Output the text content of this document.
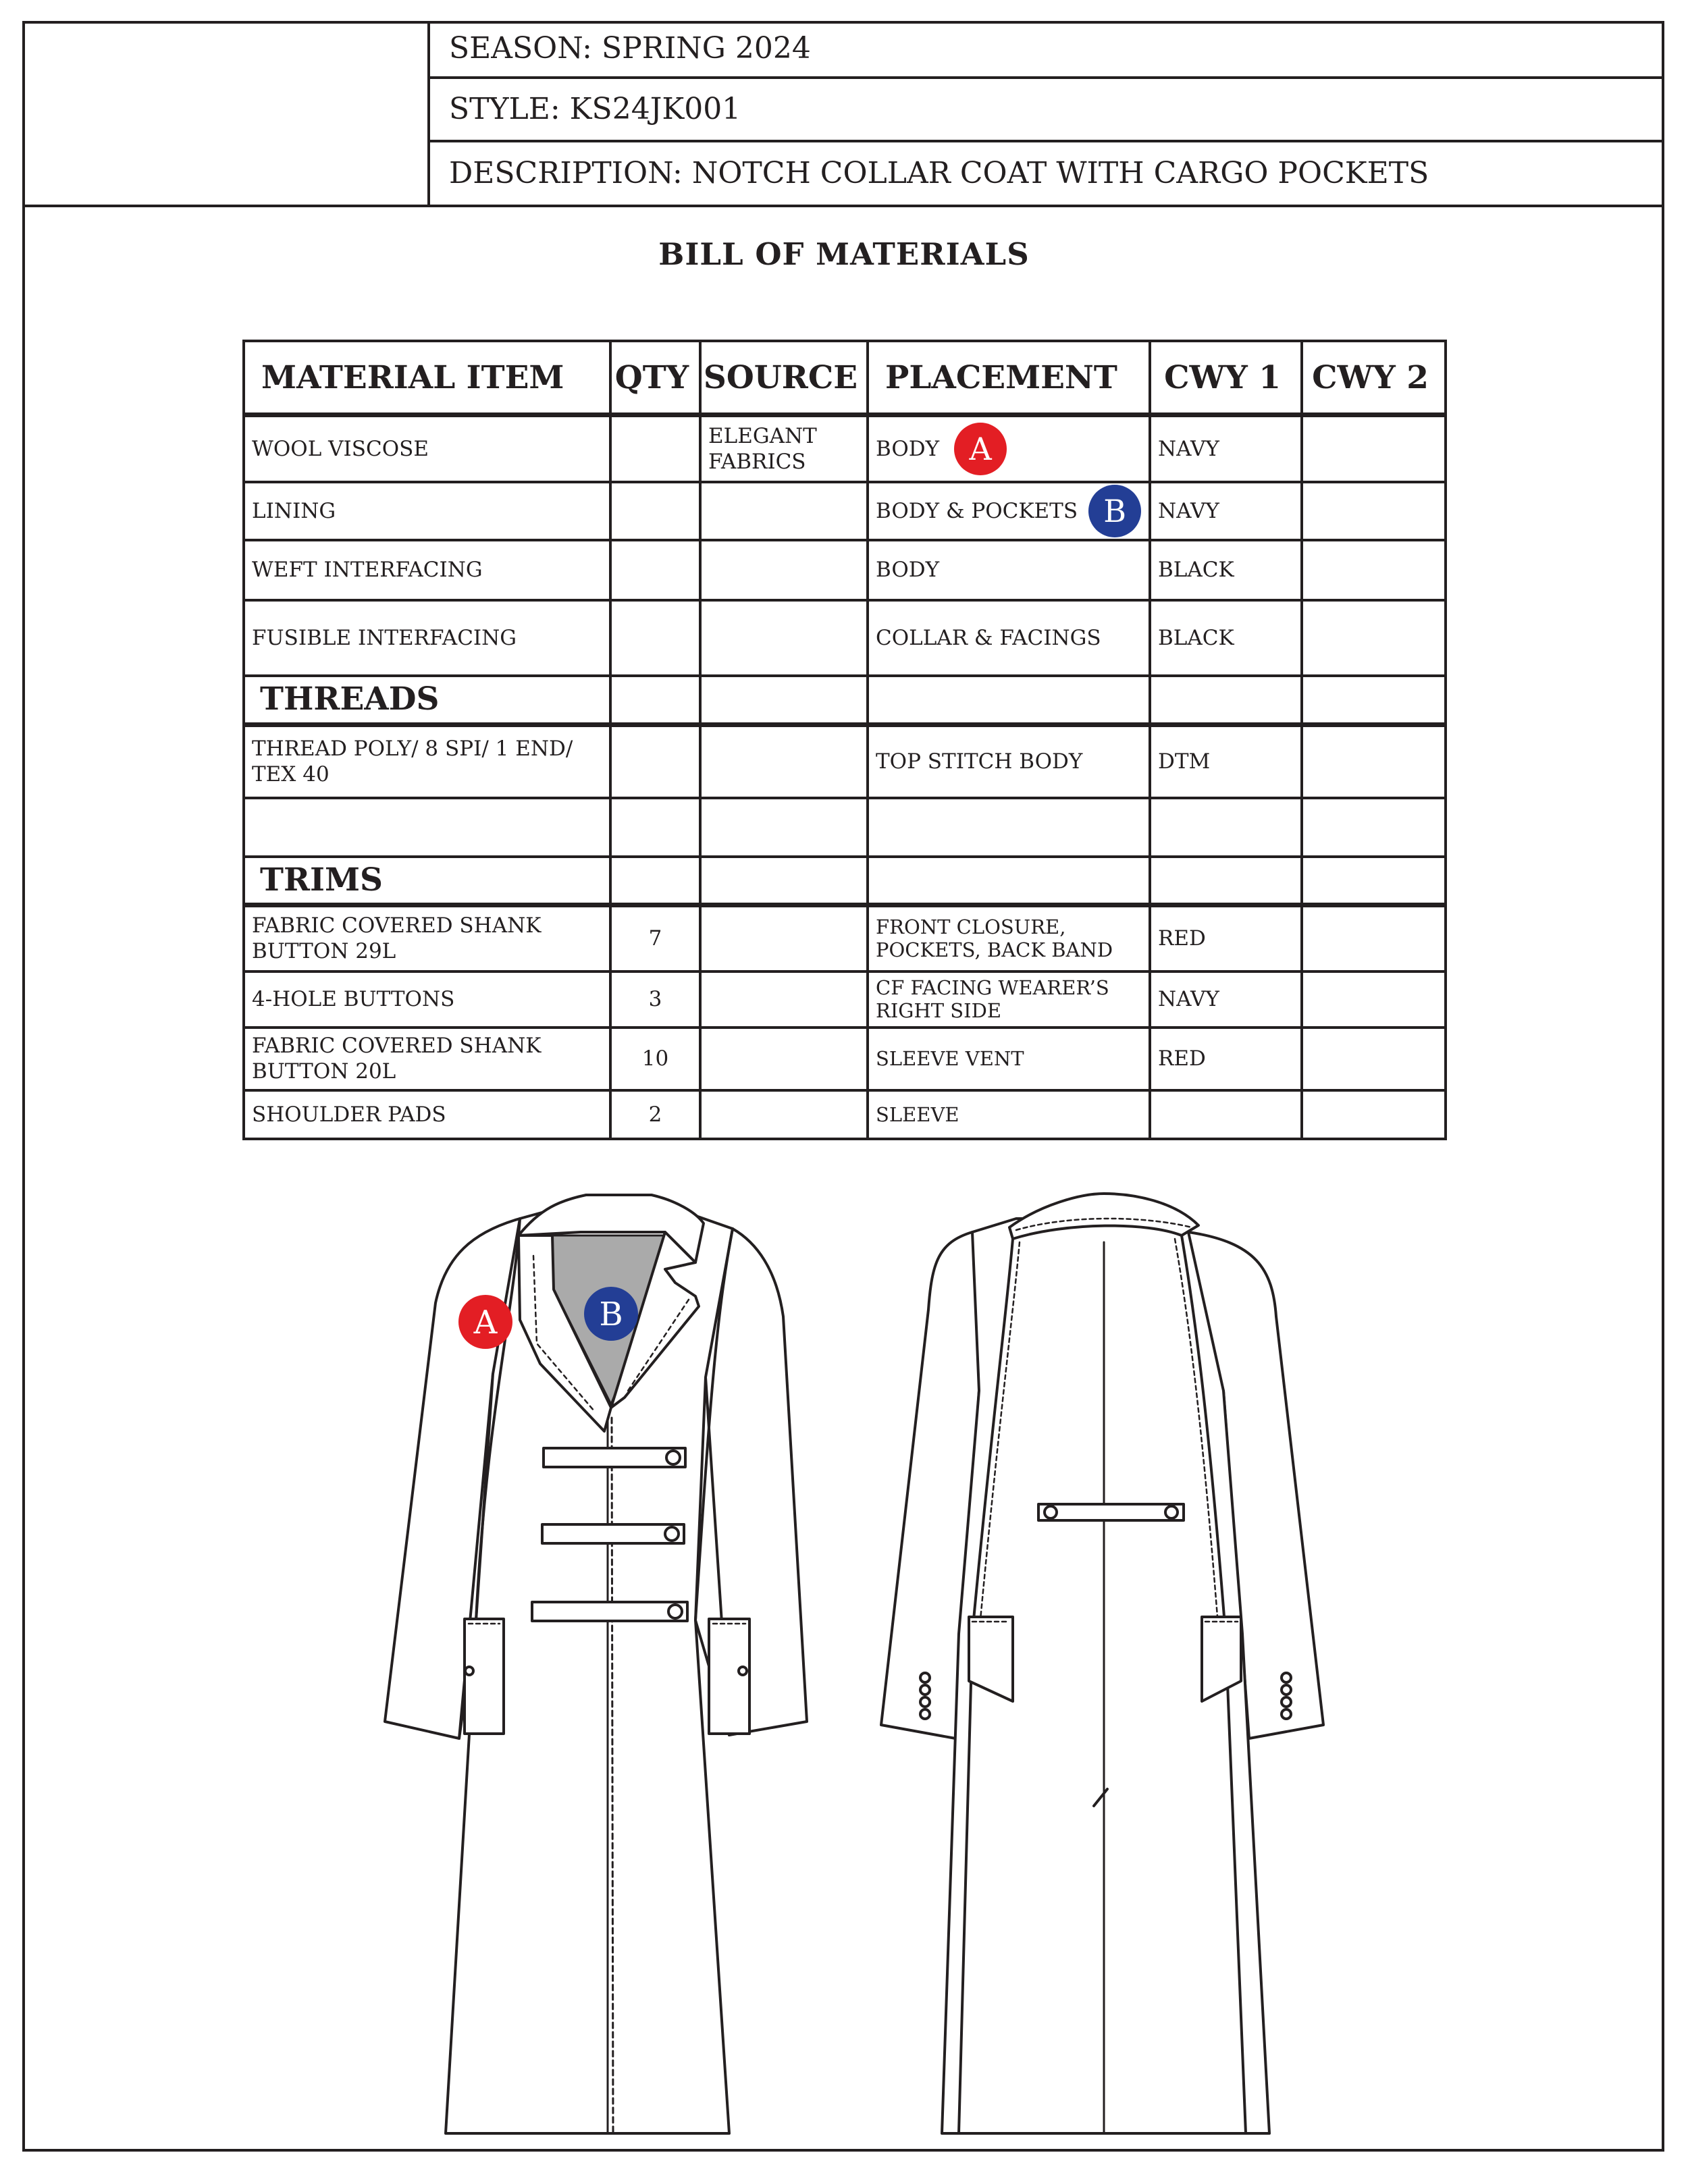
SEASON: SPRING 2024
STYLE: KS24JK001
DESCRIPTION: NOTCH COLLAR COAT WITH CARGO POCKETS
BILL OF MATERIALS
MATERIAL ITEM	QTY	SOURCE	PLACEMENT	CWY 1	CWY 2
WOOL VISCOSE		ELEGANT FABRICS	BODY A	NAVY	
LINING			BODY & POCKETS B	NAVY	
WEFT INTERFACING			BODY	BLACK	
FUSIBLE INTERFACING			COLLAR & FACINGS	BLACK	
THREADS					
THREAD POLY/ 8 SPI/ 1 END/ TEX 40			TOP STITCH BODY	DTM	

TRIMS					
FABRIC COVERED SHANK BUTTON 29L	7		FRONT CLOSURE, POCKETS, BACK BAND	RED	
4-HOLE BUTTONS	3		CF FACING WEARER’S RIGHT SIDE	NAVY	
FABRIC COVERED SHANK BUTTON 20L	10		SLEEVE VENT	RED	
SHOULDER PADS	2		SLEEVE		
A	B
